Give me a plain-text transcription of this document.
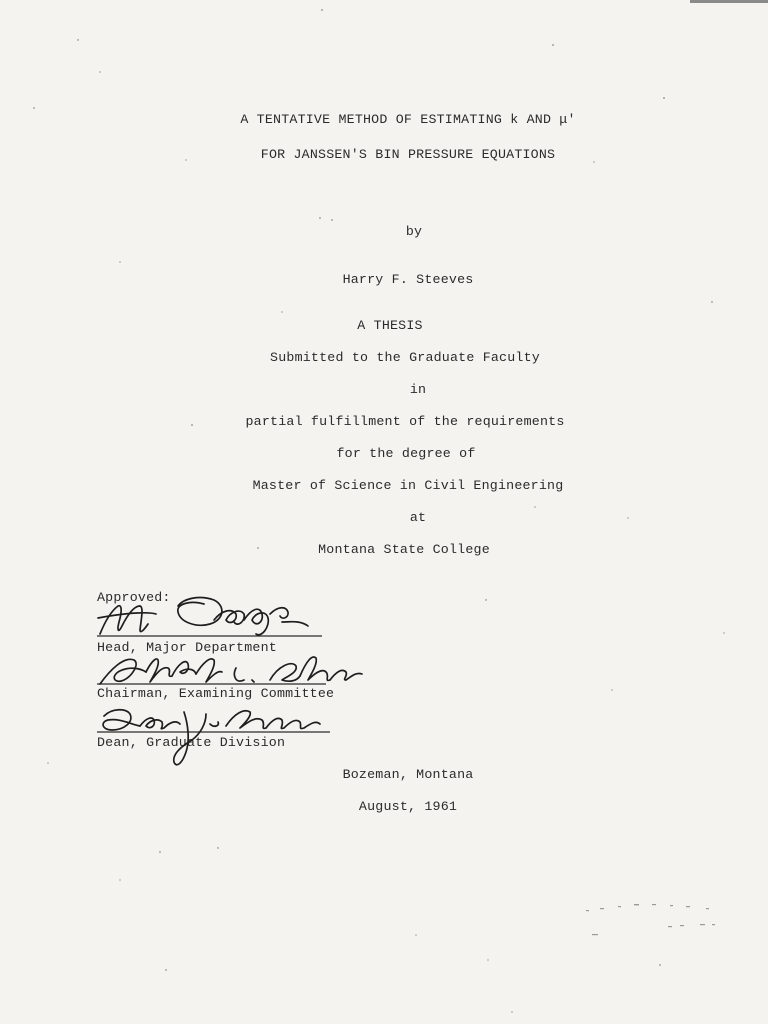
A TENTATIVE METHOD OF ESTIMATING k AND μ'
FOR JANSSEN'S BIN PRESSURE EQUATIONS
by
Harry F. Steeves
A THESIS
Submitted to the Graduate Faculty
in
partial fulfillment of the requirements
for the degree of
Master of Science in Civil Engineering
at
Montana State College
Approved:
Head, Major Department
Chairman, Examining Committee
Dean, Graduate Division
Bozeman, Montana
August, 1961
